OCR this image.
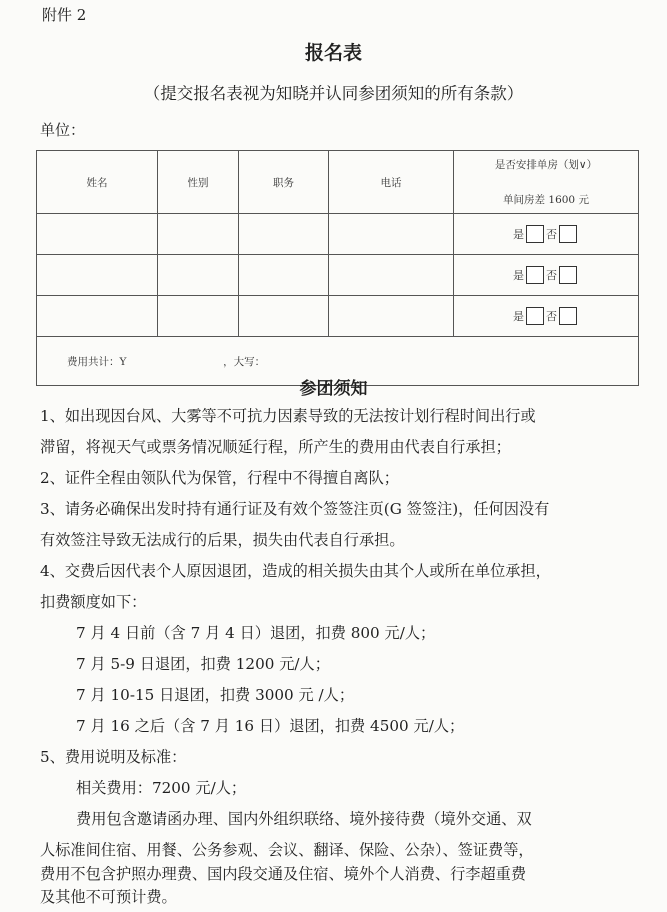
附件 2
报名表
（提交报名表视为知晓并认同参团须知的所有条款）
单位：
姓名	性别	职务	电话	是否安排单房（划∨）
单间房差 1600 元

				是 否
				是 否
				是 否
费用共计：Y ，大写：				
参团须知
1、如出现因台风、大雾等不可抗力因素导致的无法按计划行程时间出行或
滞留，将视天气或票务情况顺延行程，所产生的费用由代表自行承担；
2、证件全程由领队代为保管，行程中不得擅自离队；
3、请务必确保出发时持有通行证及有效个签签注页(G 签签注)，任何因没有
有效签注导致无法成行的后果，损失由代表自行承担。
4、交费后因代表个人原因退团，造成的相关损失由其个人或所在单位承担，
扣费额度如下：
7 月 4 日前（含 7 月 4 日）退团，扣费 800 元/人；
7 月 5-9 日退团，扣费 1200 元/人；
7 月 10-15 日退团，扣费 3000 元 /人；
7 月 16 之后（含 7 月 16 日）退团，扣费 4500 元/人；
5、费用说明及标准：
相关费用：7200 元/人；
费用包含邀请函办理、国内外组织联络、境外接待费（境外交通、双
人标准间住宿、用餐、公务参观、会议、翻译、保险、公杂）、签证费等，
费用不包含护照办理费、国内段交通及住宿、境外个人消费、行李超重费
及其他不可预计费。
